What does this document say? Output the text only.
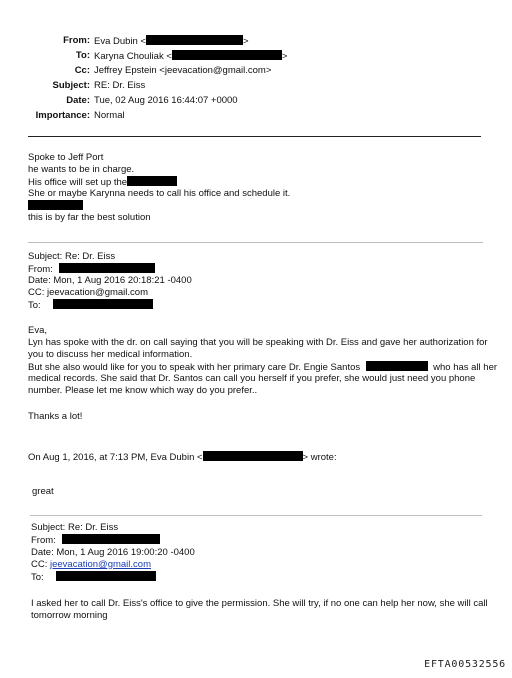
From: Eva Dubin <	>
To: Karyna Chouliak <	>
Cc: Jeffrey Epstein <jeevacation@gmail.com>
Subject: RE: Dr. Eiss
Date: Tue, 02 Aug 2016 16:44:07 +0000
Importance: Normal
Spoke to Jeff Port
he wants to be in charge.
His office will set up the
She or maybe Karynna needs to call his office and schedule it.
this is by far the best solution
Subject: Re: Dr. Eiss
From:
Date: Mon, 1 Aug 2016 20:18:21 -0400
CC: jeevacation@gmail.com
To:
Eva,
Lyn has spoke with the dr. on call saying that you will be speaking with Dr. Eiss and gave her authorization for
you to discuss her medical information.
But she also would like for you to speak with her primary care Dr. Engie Santos	who has all her
medical records. She said that Dr. Santos can call you herself if you prefer, she would just need you phone
number. Please let me know which way do you prefer..
Thanks a lot!
On Aug 1, 2016, at 7:13 PM, Eva Dubin <	> wrote:
great
Subject: Re: Dr. Eiss
From:
Date: Mon, 1 Aug 2016 19:00:20 -0400
CC: jeevacation@gmail.com
To:
I asked her to call Dr. Eiss's office to give the permission. She will try, if no one can help her now, she will call
tomorrow morning
EFTA00532556
